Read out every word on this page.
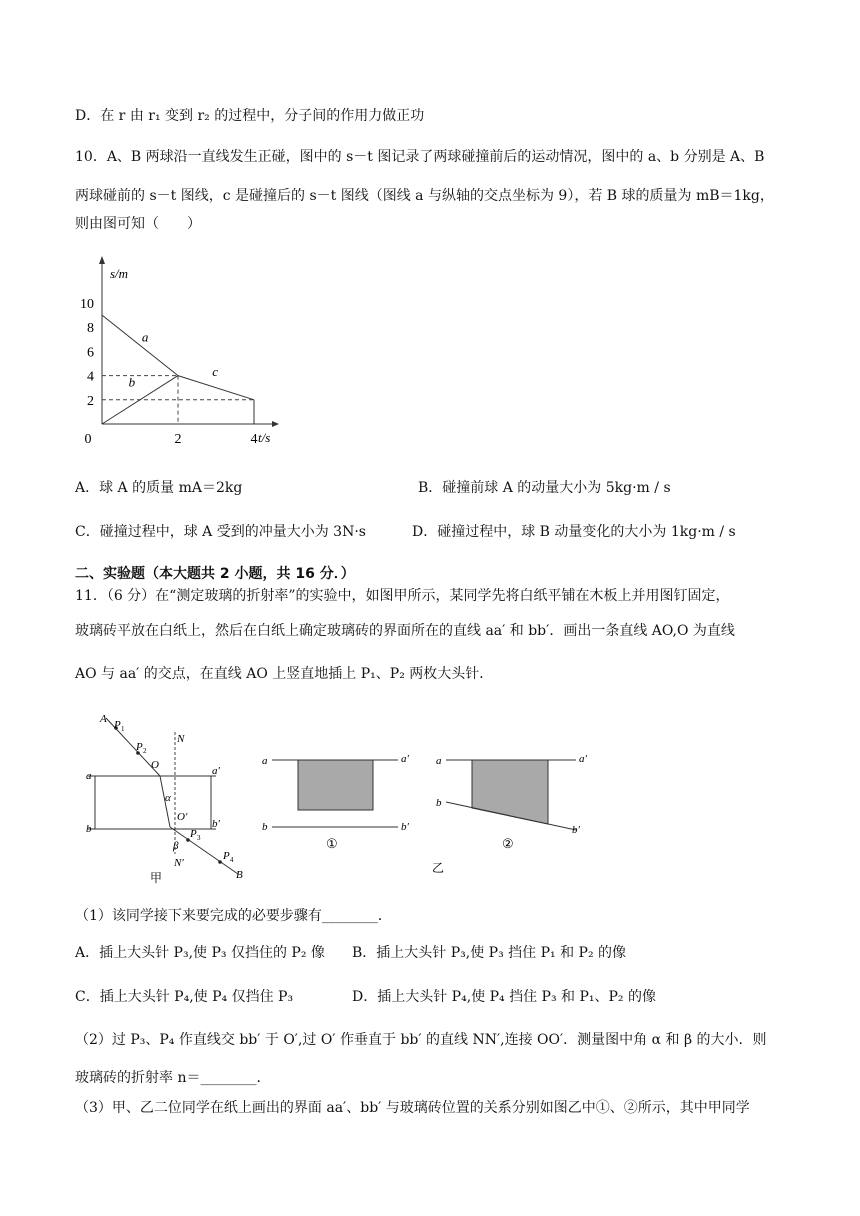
D．在 r 由 r₁ 变到 r₂ 的过程中，分子间的作用力做正功
10．A、B 两球沿一直线发生正碰，图中的 s－t 图记录了两球碰撞前后的运动情况，图中的 a、b 分别是 A、B
两球碰前的 s－t 图线，c 是碰撞后的 s－t 图线（图线 a 与纵轴的交点坐标为 9），若 B 球的质量为 mB＝1kg，
则由图可知（　　）
s/m
t/s
2
4
6
8
10
0	2	4
a
b
c
A．球 A 的质量 mA＝2kg	B．碰撞前球 A 的动量大小为 5kg·m / s
C．碰撞过程中，球 A 受到的冲量大小为 3N·s	D．碰撞过程中，球 B 动量变化的大小为 1kg·m / s
二、实验题（本大题共 2 小题，共 16 分．）
11．（6 分）在“测定玻璃的折射率”的实验中，如图甲所示，某同学先将白纸平铺在木板上并用图钉固定，
玻璃砖平放在白纸上，然后在白纸上确定玻璃砖的界面所在的直线 aa′ 和 bb′．画出一条直线 AO,O 为直线
AO 与 aa′ 的交点，在直线 AO 上竖直地插上 P₁、P₂ 两枚大头针．
A P 1
P 2
O
N
a	a′
b	b′
α
O′
P 3
β
N′
P 4
B
甲
a	a′
b	b′
①
a	a′
b
b′
②
乙
（1）该同学接下来要完成的必要步骤有________．
A．插上大头针 P₃,使 P₃ 仅挡住的 P₂ 像 B．插上大头针 P₃,使 P₃ 挡住 P₁ 和 P₂ 的像
C．插上大头针 P₄,使 P₄ 仅挡住 P₃	D．插上大头针 P₄,使 P₄ 挡住 P₃ 和 P₁、P₂ 的像
（2）过 P₃、P₄ 作直线交 bb′ 于 O′,过 O′ 作垂直于 bb′ 的直线 NN′,连接 OO′．测量图中角 α 和 β 的大小．则
玻璃砖的折射率 n＝________．
（3）甲、乙二位同学在纸上画出的界面 aa′、bb′ 与玻璃砖位置的关系分别如图乙中①、②所示，其中甲同学
